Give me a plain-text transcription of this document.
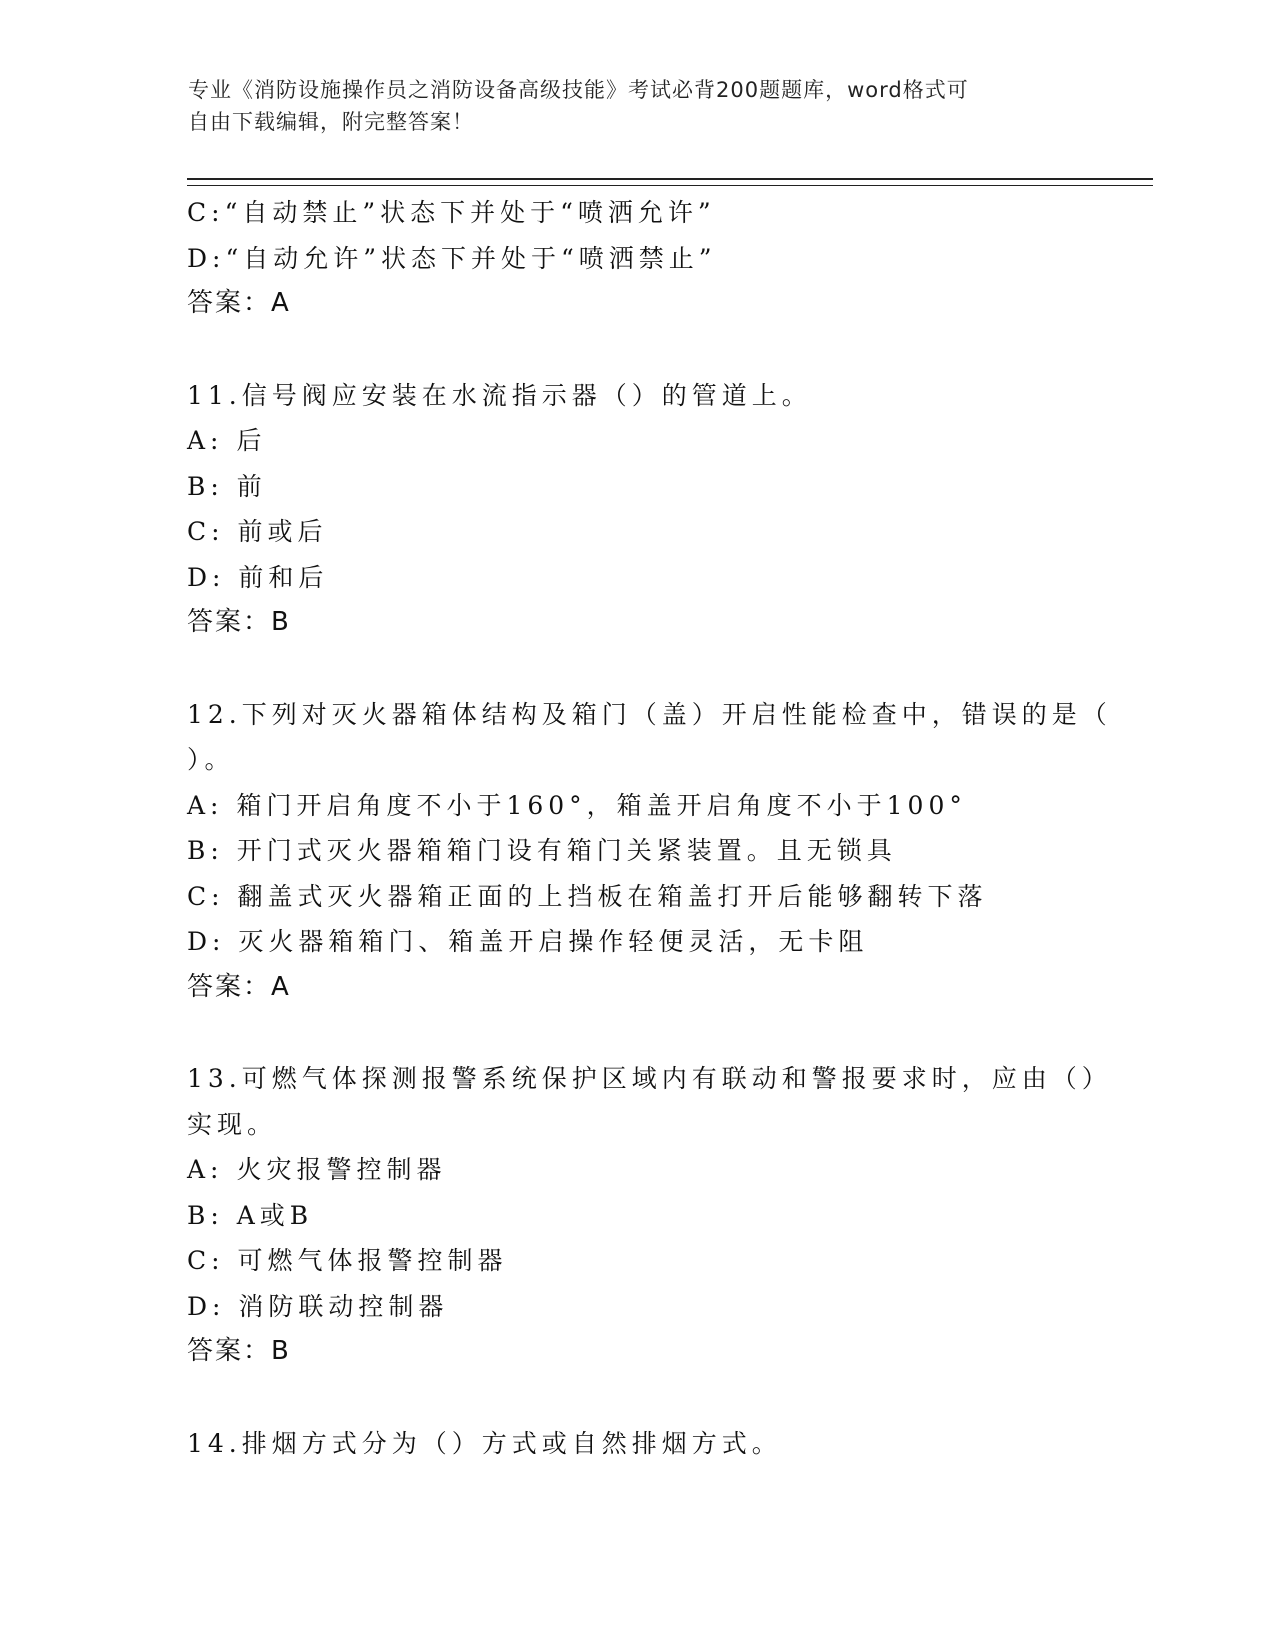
专业《消防设施操作员之消防设备高级技能》考试必背200题题库，word格式可
自由下载编辑，附完整答案！
C:“自动禁止”状态下并处于“喷洒允许”
D:“自动允许”状态下并处于“喷洒禁止”
答案：A
11.信号阀应安装在水流指示器（）的管道上。
A: 后
B: 前
C: 前或后
D: 前和后
答案：B
12.下列对灭火器箱体结构及箱门（盖）开启性能检查中，错误的是（
）。
A: 箱门开启角度不小于160°，箱盖开启角度不小于100°
B: 开门式灭火器箱箱门设有箱门关紧装置。且无锁具
C: 翻盖式灭火器箱正面的上挡板在箱盖打开后能够翻转下落
D: 灭火器箱箱门、箱盖开启操作轻便灵活，无卡阻
答案：A
13.可燃气体探测报警系统保护区域内有联动和警报要求时，应由（）
实现。
A: 火灾报警控制器
B: A或B
C: 可燃气体报警控制器
D: 消防联动控制器
答案：B
14.排烟方式分为（）方式或自然排烟方式。
